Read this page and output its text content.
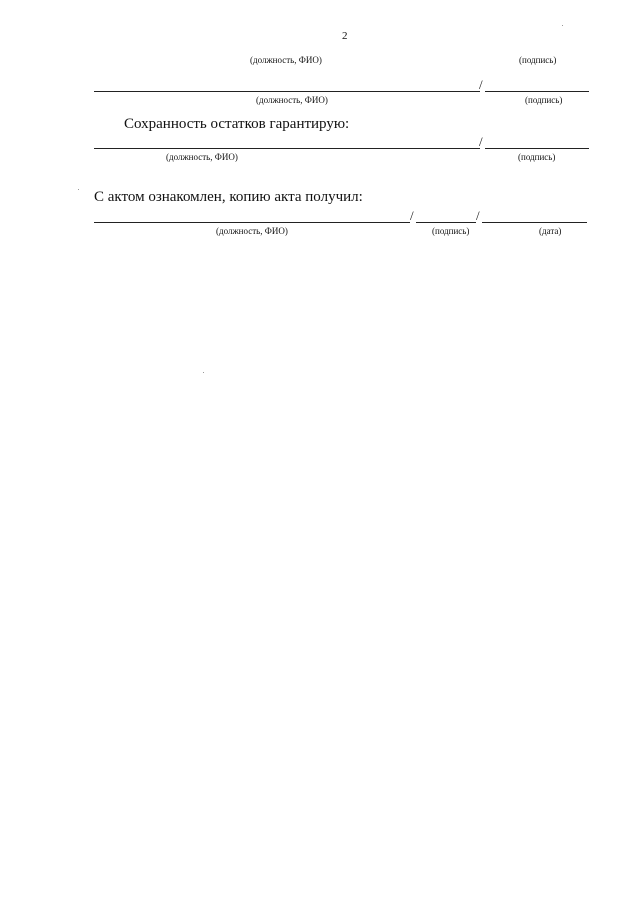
2
(должность, ФИО)	(подпись)
/
(должность, ФИО)	(подпись)
Сохранность остатков гарантирую:
/
(должность, ФИО)	(подпись)
С актом ознакомлен, копию акта получил:
/	/
(должность, ФИО)	(подпись)	(дата)
